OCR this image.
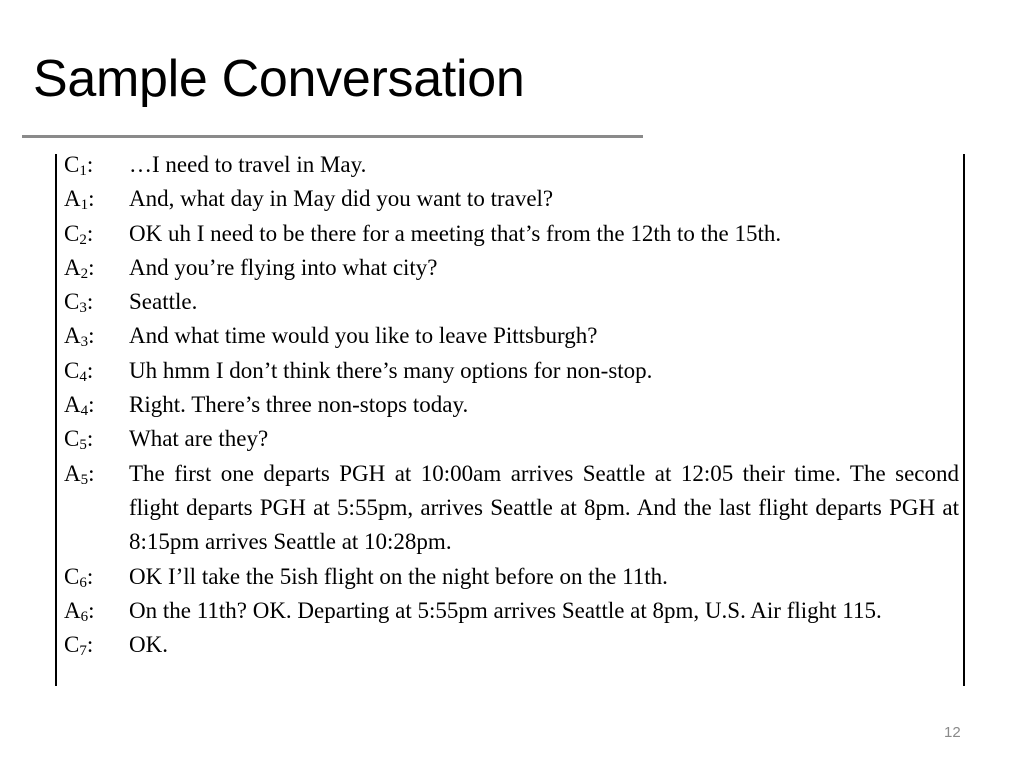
Sample Conversation
$C_1$:	…I need to travel in May.
$A_1$:	And, what day in May did you want to travel?
$C_2$:	OK uh I need to be there for a meeting that’s from the 12th to the 15th.
$A_2$:	And you’re flying into what city?
$C_3$:	Seattle.
$A_3$:	And what time would you like to leave Pittsburgh?
$C_4$:	Uh hmm I don’t think there’s many options for non-stop.
$A_4$:	Right. There’s three non-stops today.
$C_5$:	What are they?
$A_5$:	The first one departs PGH at 10:00am arrives Seattle at 12:05 their time. The second flight departs PGH at 5:55pm, arrives Seattle at 8pm. And the last flight departs PGH at 8:15pm arrives Seattle at 10:28pm.
$C_6$:	OK I’ll take the 5ish flight on the night before on the 11th.
$A_6$:	On the 11th? OK. Departing at 5:55pm arrives Seattle at 8pm, U.S. Air flight 115.
$C_7$:	OK.
12
